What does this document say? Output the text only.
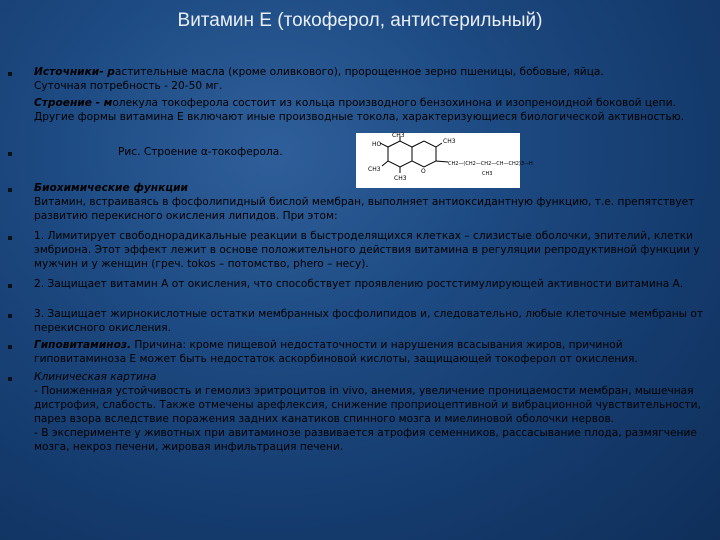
Витамин Е (токоферол, антистерильный)
Источники- растительные масла (кроме оливкового), пророщенное зерно пшеницы, бобовые, яйца.
Суточная потребность - 20-50 мг.
Строение - молекула токоферола состоит из кольца производного бензохинона и изопреноидной боковой цепи. Другие формы витамина Е включают иные производные токола, характеризующиеся биологической активностью.
Рис. Строение α-токоферола.
HO
CH3
CH3
CH3
CH3
O
CH2—(CH2—CH2—CH—CH2)3—H
CH3
Биохимические функции
Витамин, встраиваясь в фосфолипидный бислой мембран, выполняет антиоксидантную функцию, т.е. препятствует развитию перекисного окисления липидов. При этом:
1. Лимитирует свободнорадикальные реакции в быстроделящихся клетках – слизистые оболочки, эпителий, клетки эмбриона. Этот эффект лежит в основе положительного действия витамина в регуляции репродуктивной функции у мужчин и у женщин (греч. tokos – потомство, phero – несу).
2. Защищает витамин А от окисления, что способствует проявлению ростстимулирующей активности витамина А.
3. Защищает жирнокислотные остатки мембранных фосфолипидов и, следовательно, любые клеточные мембраны от перекисного окисления.
Гиповитаминоз. Причина: кроме пищевой недостаточности и нарушения всасывания жиров, причиной гиповитаминоза Е может быть недостаток аскорбиновой кислоты, защищающей токоферол от окисления.
Клиническая картина
- Пониженная устойчивость и гемолиз эритроцитов in vivo, анемия, увеличение проницаемости мембран, мышечная дистрофия, слабость. Также отмечены арефлексия, снижение проприоцептивной и вибрационной чувствительности, парез взора вследствие поражения задних канатиков спинного мозга и миелиновой оболочки нервов.
- В эксперименте у животных при авитаминозе развивается атрофия семенников, рассасывание плода, размягчение мозга, некроз печени, жировая инфильтрация печени.
